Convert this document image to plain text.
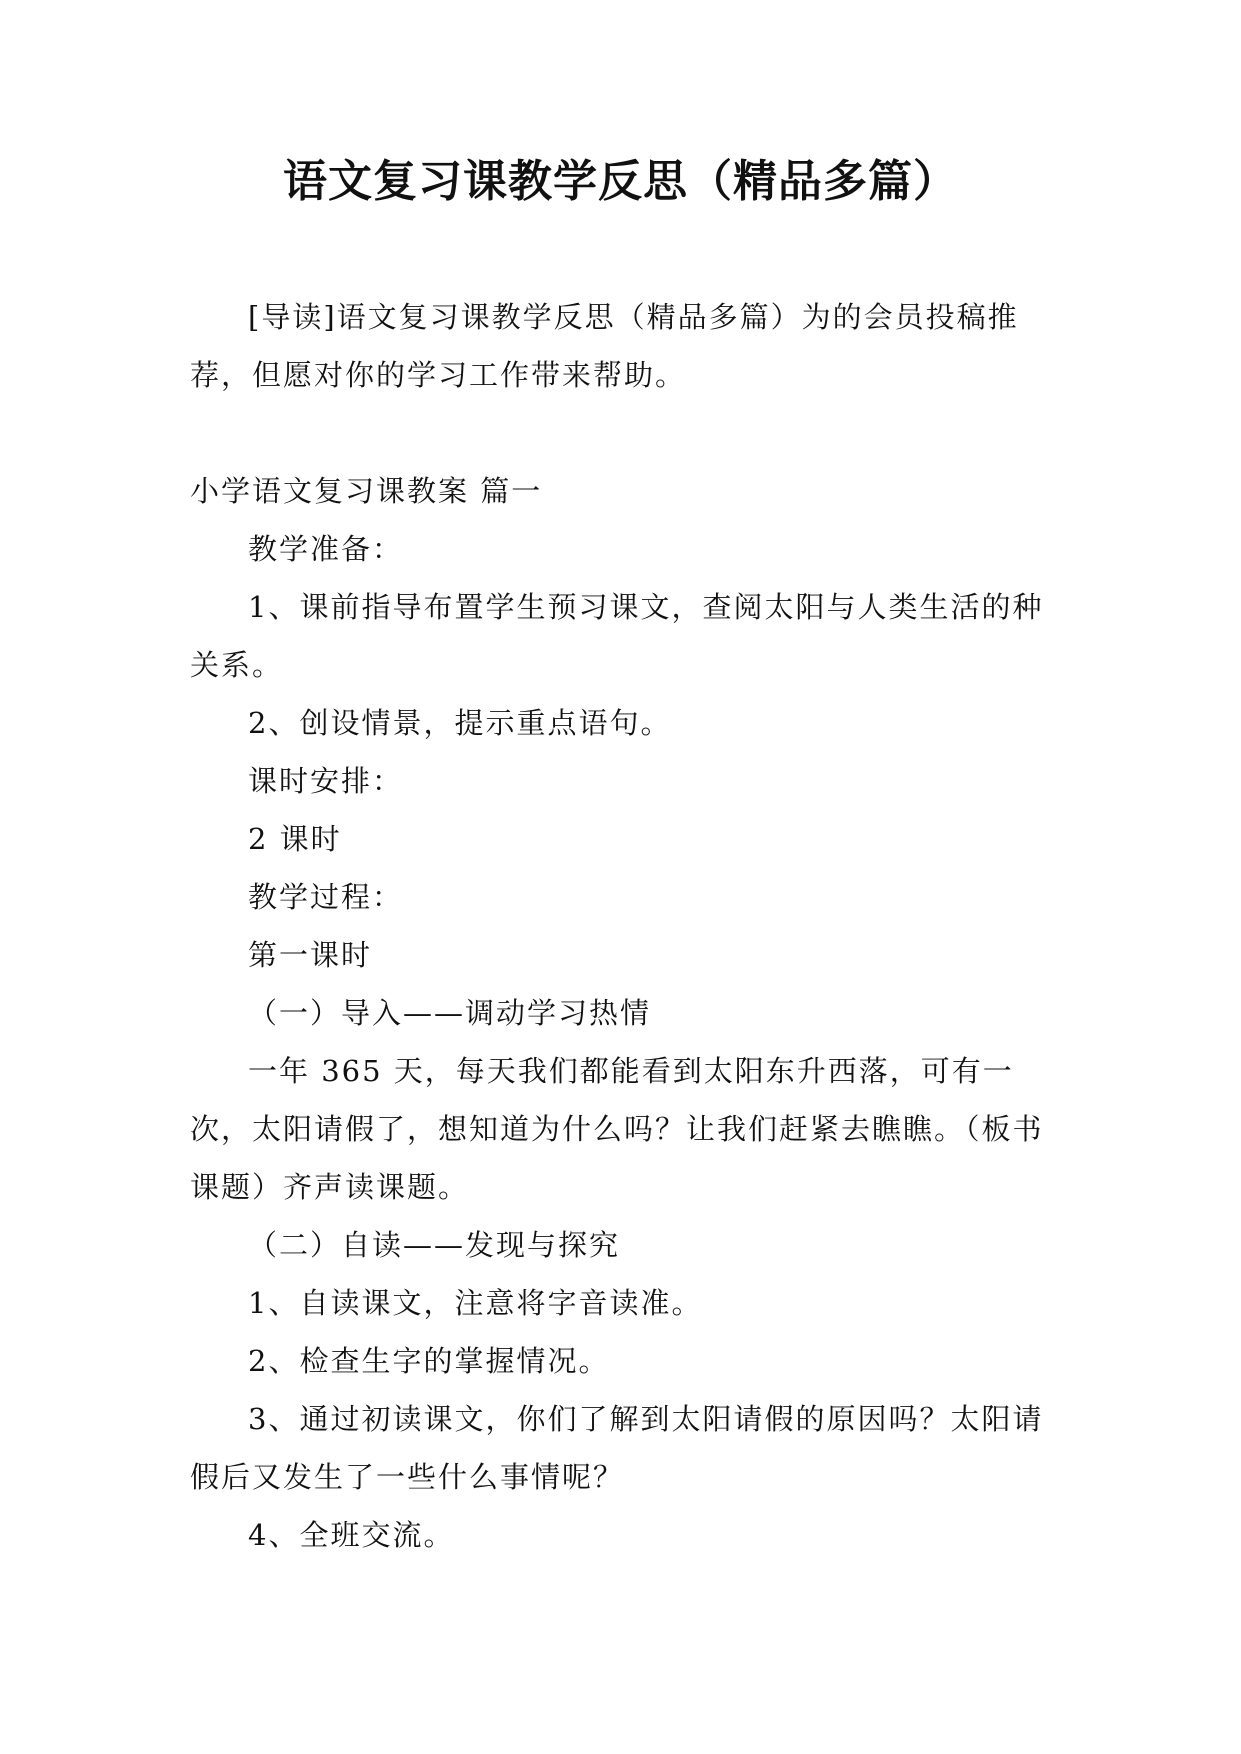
语文复习课教学反思（精品多篇）

[导读]语文复习课教学反思（精品多篇）为的会员投稿推荐，但愿对你的学习工作带来帮助。

小学语文复习课教案 篇一

教学准备：

1、课前指导布置学生预习课文，查阅太阳与人类生活的种关系。

2、创设情景，提示重点语句。

课时安排：

2 课时

教学过程：

第一课时

（一）导入——调动学习热情

一年 365 天，每天我们都能看到太阳东升西落，可有一次，太阳请假了，想知道为什么吗？让我们赶紧去瞧瞧。（板书课题）齐声读课题。

（二）自读——发现与探究

1、自读课文，注意将字音读准。

2、检查生字的掌握情况。

3、通过初读课文，你们了解到太阳请假的原因吗？太阳请假后又发生了一些什么事情呢？

4、全班交流。
